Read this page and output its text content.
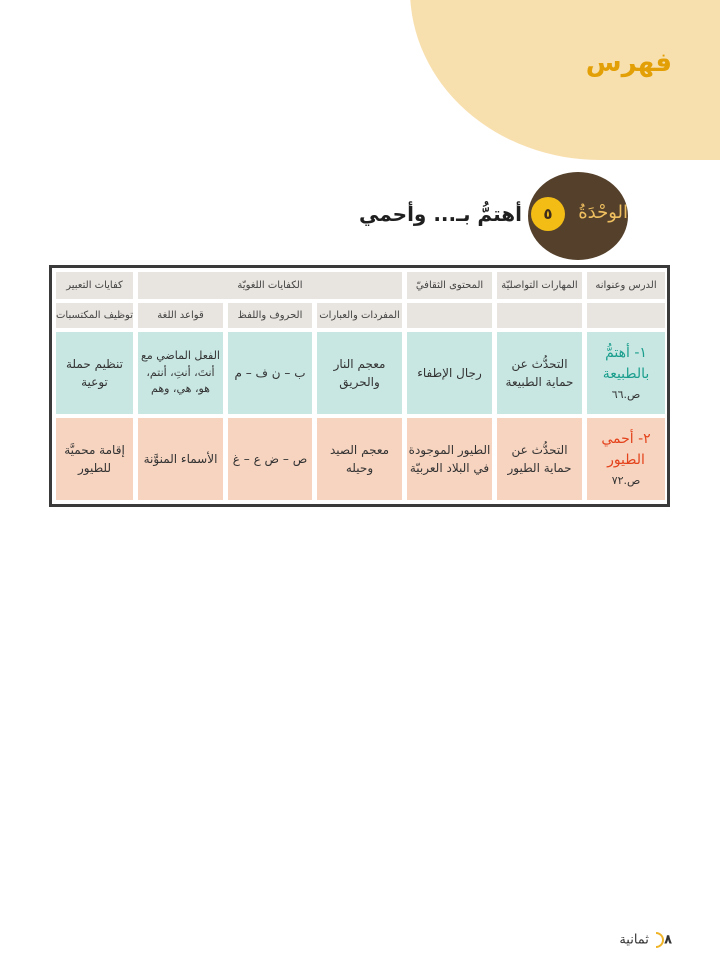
فهرس
الوحْدَةُ
٥
أهتمُّ بـ... وأحمي
الدرس وعنوانه
المهارات التواصليّة
المحتوى الثقافيّ
الكفايات اللغويّة
كفايات التعبير
المفردات والعبارات
الحروف واللفظ
قواعد اللغة
توظيف المكتسبات
١- أهتمُّ بالطبيعة
ص.٦٦
التحدُّث عن حماية الطبيعة
رجال الإطفاء
معجم النار والحريق
ب – ن ف – م
الفعل الماضي مع أنتَ، أنتِ، أنتم، هو، هي، وهم
تنظيم حملة توعية
٢- أحمي الطيور
ص.٧٢
التحدُّث عن حماية الطيور
الطيور الموجودة في البلاد العربيّة
معجم الصيد وحيله
ص – ض ع – غ
الأسماء المنوَّنة
إقامة محميَّة للطيور
٨ ثمانية
